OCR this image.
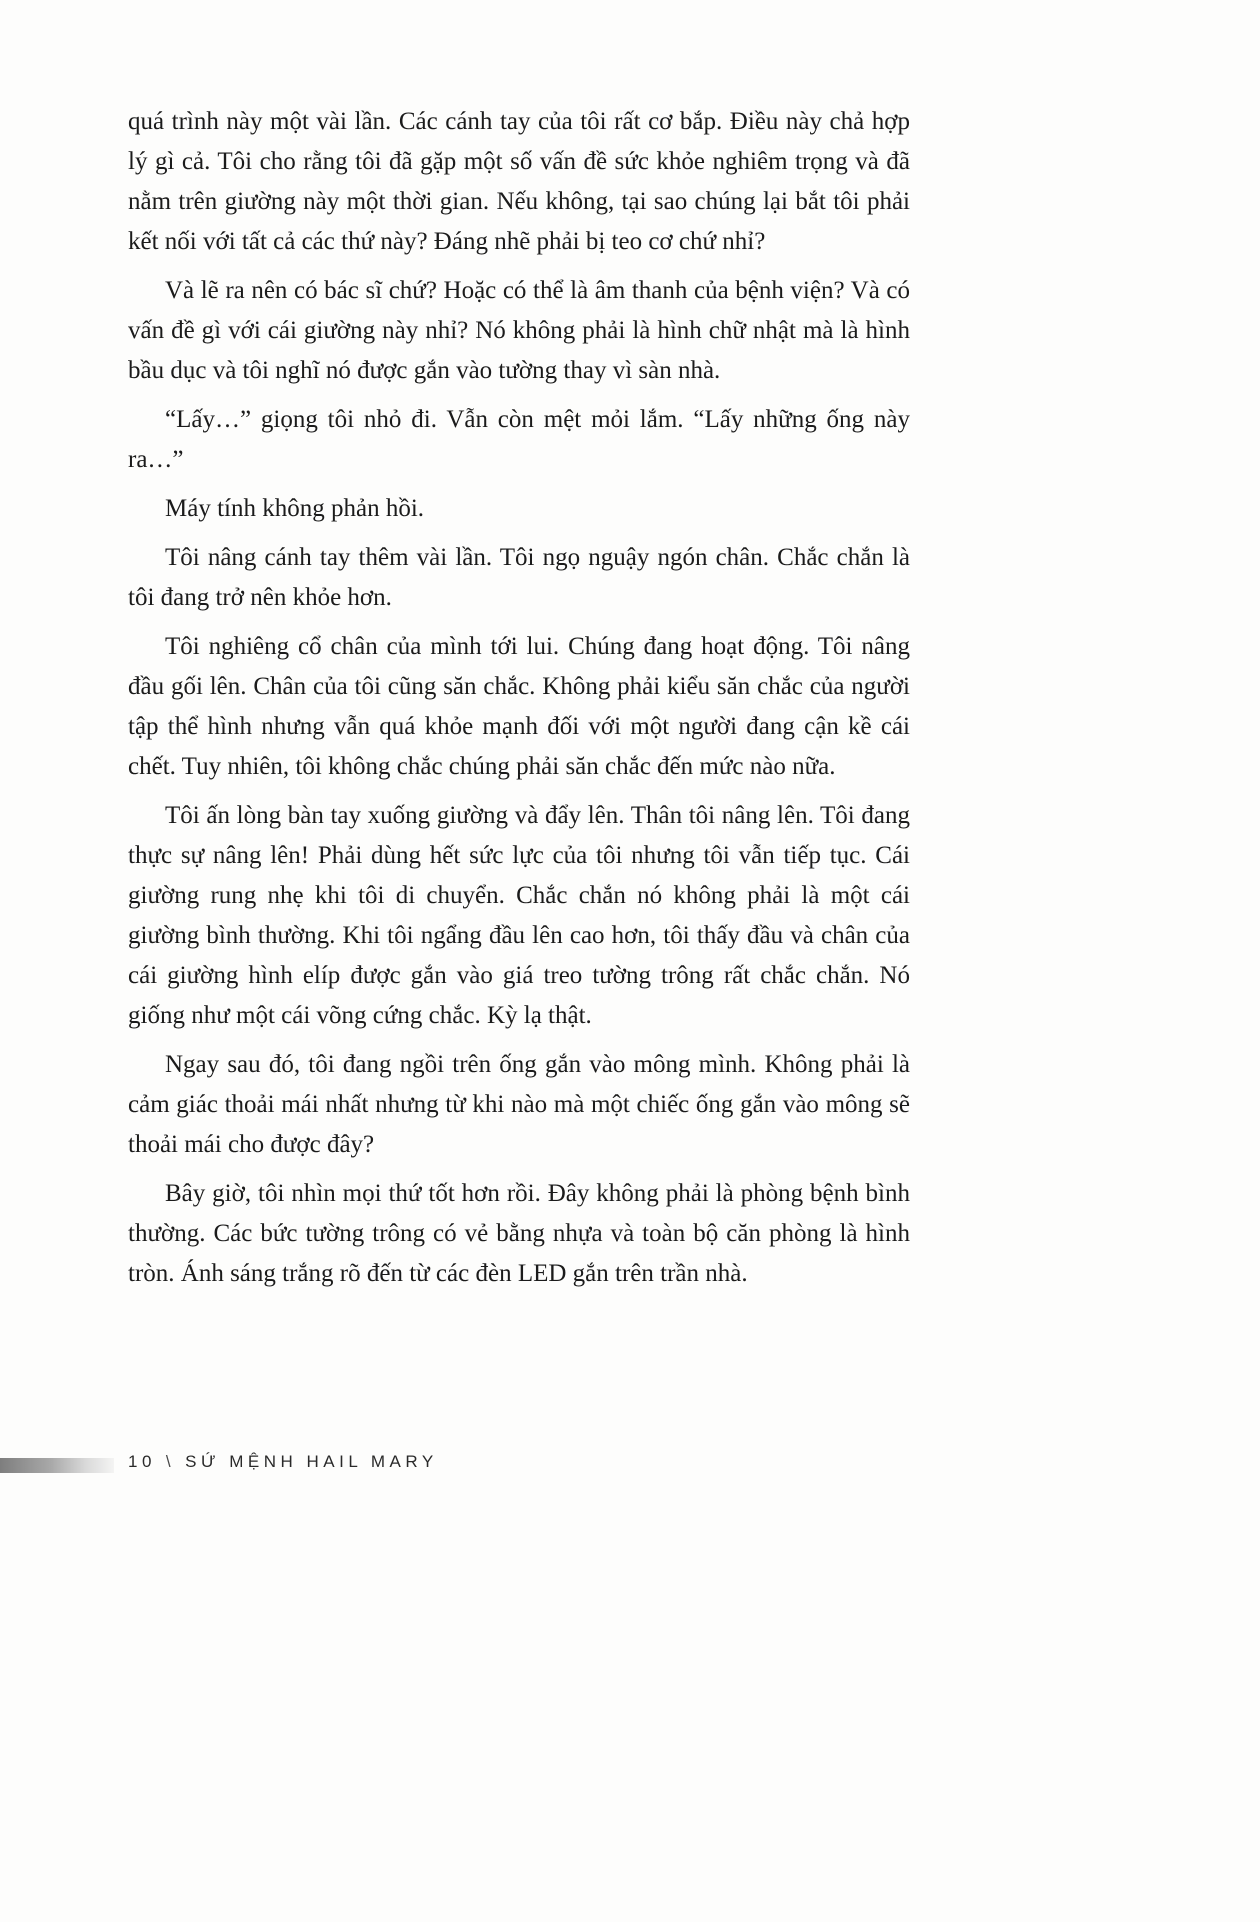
quá trình này một vài lần. Các cánh tay của tôi rất cơ bắp. Điều này chả hợp lý gì cả. Tôi cho rằng tôi đã gặp một số vấn đề sức khỏe nghiêm trọng và đã nằm trên giường này một thời gian. Nếu không, tại sao chúng lại bắt tôi phải kết nối với tất cả các thứ này? Đáng nhẽ phải bị teo cơ chứ nhỉ?

Và lẽ ra nên có bác sĩ chứ? Hoặc có thể là âm thanh của bệnh viện? Và có vấn đề gì với cái giường này nhỉ? Nó không phải là hình chữ nhật mà là hình bầu dục và tôi nghĩ nó được gắn vào tường thay vì sàn nhà.

“Lấy…” giọng tôi nhỏ đi. Vẫn còn mệt mỏi lắm. “Lấy những ống này ra…”

Máy tính không phản hồi.

Tôi nâng cánh tay thêm vài lần. Tôi ngọ nguậy ngón chân. Chắc chắn là tôi đang trở nên khỏe hơn.

Tôi nghiêng cổ chân của mình tới lui. Chúng đang hoạt động. Tôi nâng đầu gối lên. Chân của tôi cũng săn chắc. Không phải kiểu săn chắc của người tập thể hình nhưng vẫn quá khỏe mạnh đối với một người đang cận kề cái chết. Tuy nhiên, tôi không chắc chúng phải săn chắc đến mức nào nữa.

Tôi ấn lòng bàn tay xuống giường và đẩy lên. Thân tôi nâng lên. Tôi đang thực sự nâng lên! Phải dùng hết sức lực của tôi nhưng tôi vẫn tiếp tục. Cái giường rung nhẹ khi tôi di chuyển. Chắc chắn nó không phải là một cái giường bình thường. Khi tôi ngẩng đầu lên cao hơn, tôi thấy đầu và chân của cái giường hình elíp được gắn vào giá treo tường trông rất chắc chắn. Nó giống như một cái võng cứng chắc. Kỳ lạ thật.

Ngay sau đó, tôi đang ngồi trên ống gắn vào mông mình. Không phải là cảm giác thoải mái nhất nhưng từ khi nào mà một chiếc ống gắn vào mông sẽ thoải mái cho được đây?

Bây giờ, tôi nhìn mọi thứ tốt hơn rồi. Đây không phải là phòng bệnh bình thường. Các bức tường trông có vẻ bằng nhựa và toàn bộ căn phòng là hình tròn. Ánh sáng trắng rõ đến từ các đèn LED gắn trên trần nhà.

10 \ SỨ MỆNH HAIL MARY
